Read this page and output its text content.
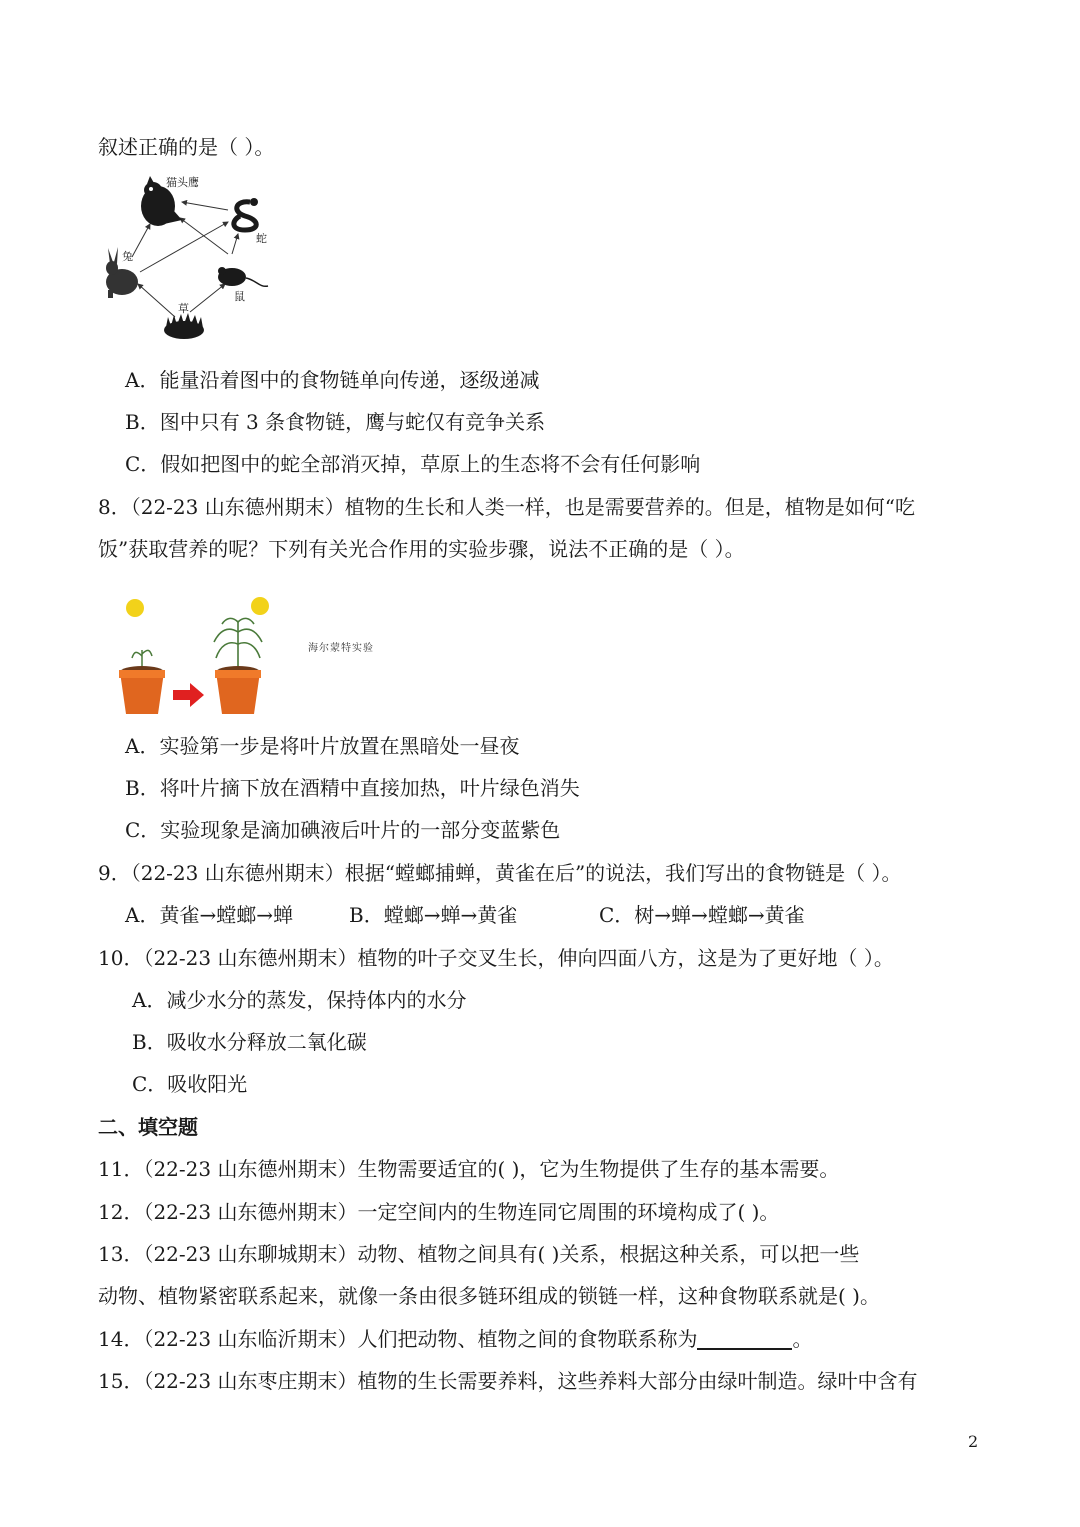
叙述正确的是（ ）。
猫头鹰
蛇
兔
鼠
草
A．能量沿着图中的食物链单向传递，逐级递减
B．图中只有 3 条食物链，鹰与蛇仅有竞争关系
C．假如把图中的蛇全部消灭掉，草原上的生态将不会有任何影响
8．（22-23 山东德州期末）植物的生长和人类一样，也是需要营养的。但是，植物是如何“吃
饭”获取营养的呢？下列有关光合作用的实验步骤，说法不正确的是（ ）。
海尔蒙特实验
A．实验第一步是将叶片放置在黑暗处一昼夜
B．将叶片摘下放在酒精中直接加热，叶片绿色消失
C．实验现象是滴加碘液后叶片的一部分变蓝紫色
9．（22-23 山东德州期末）根据“螳螂捕蝉，黄雀在后”的说法，我们写出的食物链是（ ）。
A．黄雀→螳螂→蝉	B．螳螂→蝉→黄雀	C．树→蝉→螳螂→黄雀
10．（22-23 山东德州期末）植物的叶子交叉生长，伸向四面八方，这是为了更好地（ ）。
A．减少水分的蒸发，保持体内的水分
B．吸收水分释放二氧化碳
C．吸收阳光
二、填空题
11．（22-23 山东德州期末）生物需要适宜的( )，它为生物提供了生存的基本需要。
12．（22-23 山东德州期末）一定空间内的生物连同它周围的环境构成了( )。
13．（22-23 山东聊城期末）动物、植物之间具有( )关系，根据这种关系，可以把一些
动物、植物紧密联系起来，就像一条由很多链环组成的锁链一样，这种食物联系就是( )。
14．（22-23 山东临沂期末）人们把动物、植物之间的食物联系称为	。
15．（22-23 山东枣庄期末）植物的生长需要养料，这些养料大部分由绿叶制造。绿叶中含有
2
